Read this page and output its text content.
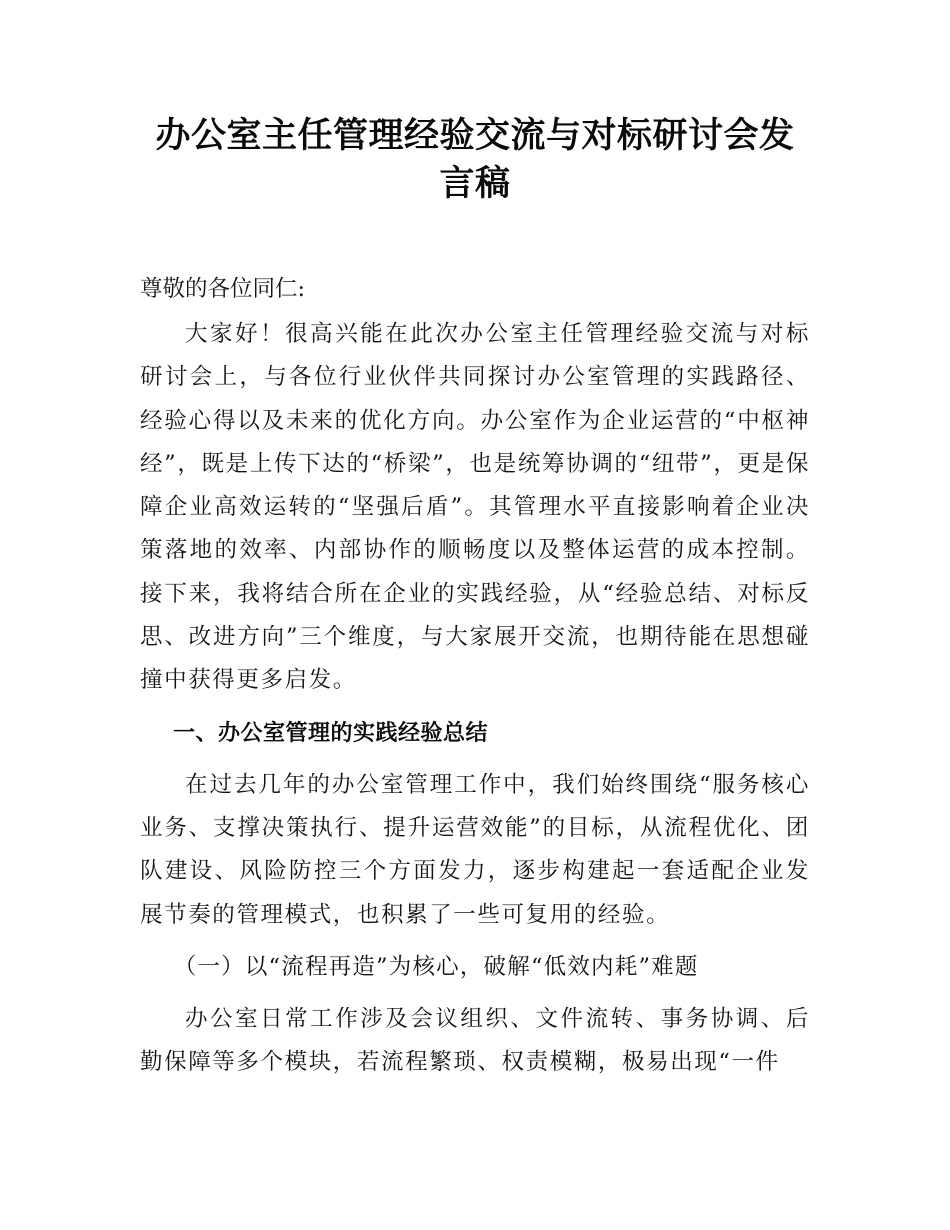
办公室主任管理经验交流与对标研讨会发言稿

尊敬的各位同仁:

大家好！很高兴能在此次办公室主任管理经验交流与对标研讨会上，与各位行业伙伴共同探讨办公室管理的实践路径、经验心得以及未来的优化方向。办公室作为企业运营的“中枢神经”，既是上传下达的“桥梁”，也是统筹协调的“纽带”，更是保障企业高效运转的“坚强后盾”。其管理水平直接影响着企业决策落地的效率、内部协作的顺畅度以及整体运营的成本控制。接下来，我将结合所在企业的实践经验，从“经验总结、对标反思、改进方向”三个维度，与大家展开交流，也期待能在思想碰撞中获得更多启发。

一、办公室管理的实践经验总结

在过去几年的办公室管理工作中，我们始终围绕“服务核心业务、支撑决策执行、提升运营效能”的目标，从流程优化、团队建设、风险防控三个方面发力，逐步构建起一套适配企业发展节奏的管理模式，也积累了一些可复用的经验。

（一）以“流程再造”为核心，破解“低效内耗”难题

办公室日常工作涉及会议组织、文件流转、事务协调、后勤保障等多个模块，若流程繁琐、权责模糊，极易出现“一件
